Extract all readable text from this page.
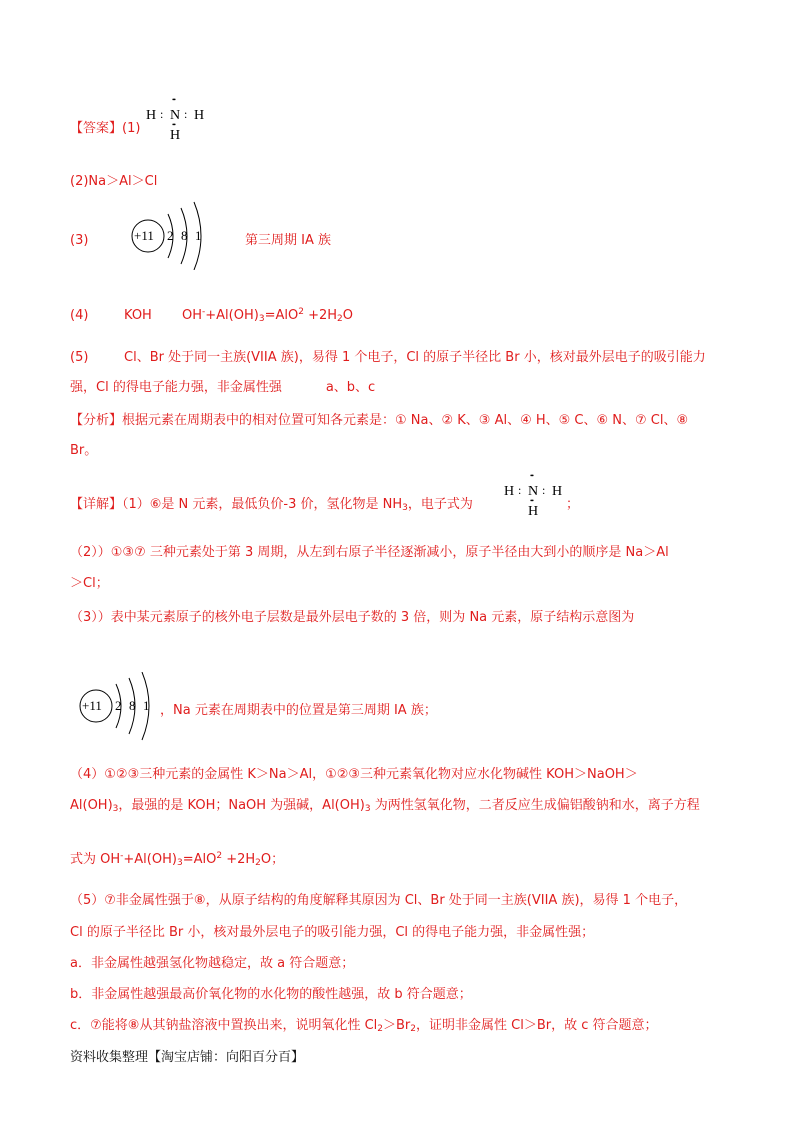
【答案】(1)
H : N
••
: H
••
H
(2)Na＞Al＞Cl
(3)	+11 2 8 1	第三周期 IA 族
(4)	KOH $OH^-+Al(OH)_3=AlO^2 +2H_2O$
(5)	Cl、Br 处于同一主族(VIIA 族)，易得 1 个电子，Cl 的原子半径比 Br 小，核对最外层电子的吸引能力
强，Cl 的得电子能力强，非金属性强	a、b、c
【分析】根据元素在周期表中的相对位置可知各元素是：① Na、② K、③ Al、④ H、⑤ C、⑥ N、⑦ Cl、⑧
Br。
【详解】（1）⑥是 N 元素，最低负价-3 价，氢化物是 $NH_3$，电子式为
H : N
••
: H
••
H ；
（2））①③⑦ 三种元素处于第 3 周期，从左到右原子半径逐渐减小，原子半径由大到小的顺序是 Na＞Al
＞Cl；
（3））表中某元素原子的核外电子层数是最外层电子数的 3 倍，则为 Na 元素，原子结构示意图为
+11 2 8 1 ，Na 元素在周期表中的位置是第三周期 IA 族；
（4）①②③三种元素的金属性 K＞Na＞Al，①②③三种元素氧化物对应水化物碱性 KOH＞NaOH＞
$Al(OH)_3$，最强的是 KOH；NaOH 为强碱，$Al(OH)_3$ 为两性氢氧化物，二者反应生成偏铝酸钠和水，离子方程
式为 $OH^-+Al(OH)_3=AlO^2 +2H_2O$；
（5）⑦非金属性强于⑧，从原子结构的角度解释其原因为 Cl、Br 处于同一主族(VIIA 族)，易得 1 个电子，
Cl 的原子半径比 Br 小，核对最外层电子的吸引能力强，Cl 的得电子能力强，非金属性强；
a．非金属性越强氢化物越稳定，故 a 符合题意；
b．非金属性越强最高价氧化物的水化物的酸性越强，故 b 符合题意；
c．⑦能将⑧从其钠盐溶液中置换出来，说明氧化性 $Cl_2>Br_2$，证明非金属性 Cl＞Br，故 c 符合题意；
资料收集整理【淘宝店铺：向阳百分百】
